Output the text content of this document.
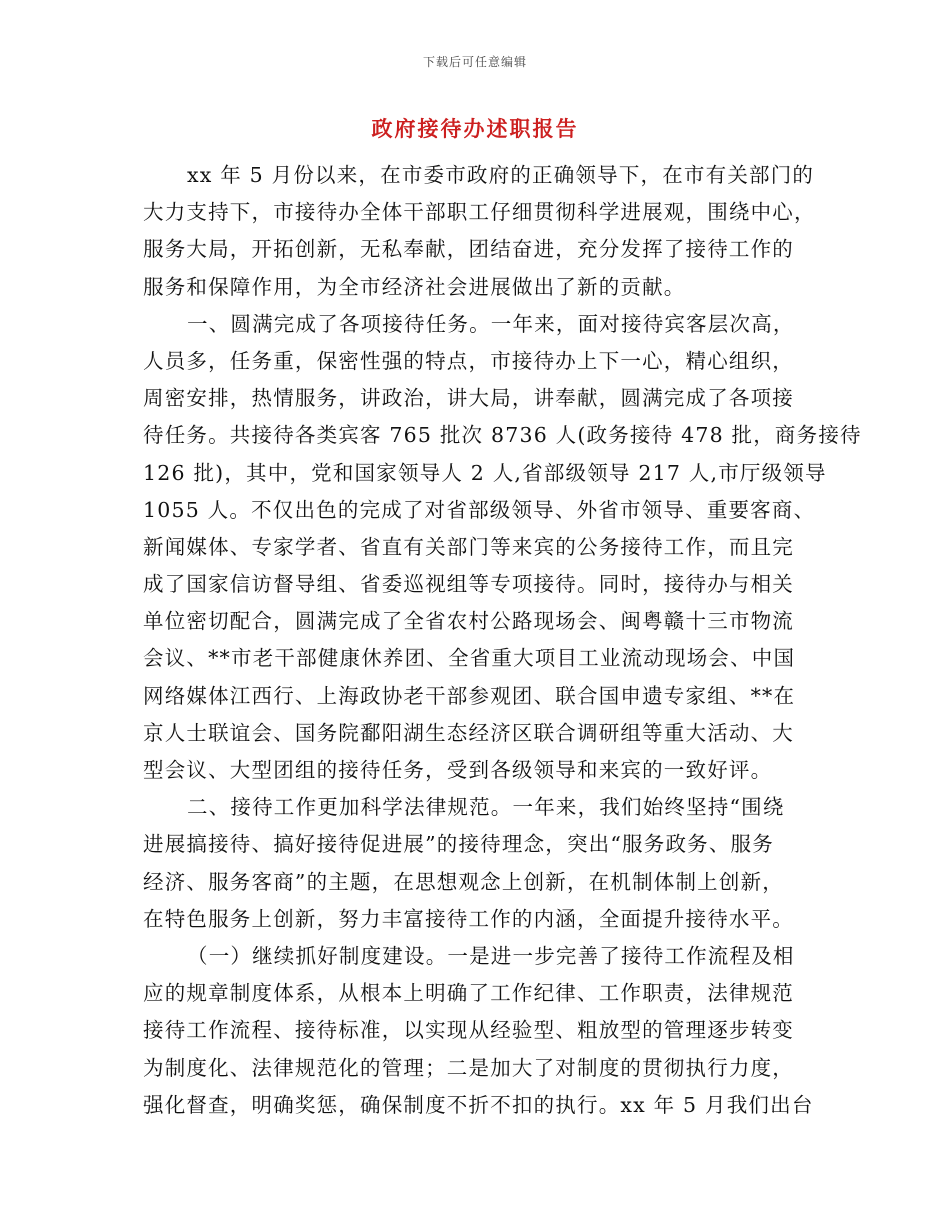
下载后可任意编辑
政府接待办述职报告
xx 年 5 月份以来，在市委市政府的正确领导下，在市有关部门的
大力支持下，市接待办全体干部职工仔细贯彻科学进展观，围绕中心，
服务大局，开拓创新，无私奉献，团结奋进，充分发挥了接待工作的
服务和保障作用，为全市经济社会进展做出了新的贡献。
一、圆满完成了各项接待任务。一年来，面对接待宾客层次高，
人员多，任务重，保密性强的特点，市接待办上下一心，精心组织，
周密安排，热情服务，讲政治，讲大局，讲奉献，圆满完成了各项接
待任务。共接待各类宾客 765 批次 8736 人(政务接待 478 批，商务接待
126 批)，其中，党和国家领导人 2 人,省部级领导 217 人,市厅级领导
1055 人。不仅出色的完成了对省部级领导、外省市领导、重要客商、
新闻媒体、专家学者、省直有关部门等来宾的公务接待工作，而且完
成了国家信访督导组、省委巡视组等专项接待。同时，接待办与相关
单位密切配合，圆满完成了全省农村公路现场会、闽粤赣十三市物流
会议、**市老干部健康休养团、全省重大项目工业流动现场会、中国
网络媒体江西行、上海政协老干部参观团、联合国申遗专家组、**在
京人士联谊会、国务院鄱阳湖生态经济区联合调研组等重大活动、大
型会议、大型团组的接待任务，受到各级领导和来宾的一致好评。
二、接待工作更加科学法律规范。一年来，我们始终坚持“围绕
进展搞接待、搞好接待促进展”的接待理念，突出“服务政务、服务
经济、服务客商”的主题，在思想观念上创新，在机制体制上创新，
在特色服务上创新，努力丰富接待工作的内涵，全面提升接待水平。
（一）继续抓好制度建设。一是进一步完善了接待工作流程及相
应的规章制度体系，从根本上明确了工作纪律、工作职责，法律规范
接待工作流程、接待标准，以实现从经验型、粗放型的管理逐步转变
为制度化、法律规范化的管理；二是加大了对制度的贯彻执行力度，
强化督查，明确奖惩，确保制度不折不扣的执行。xx 年 5 月我们出台
